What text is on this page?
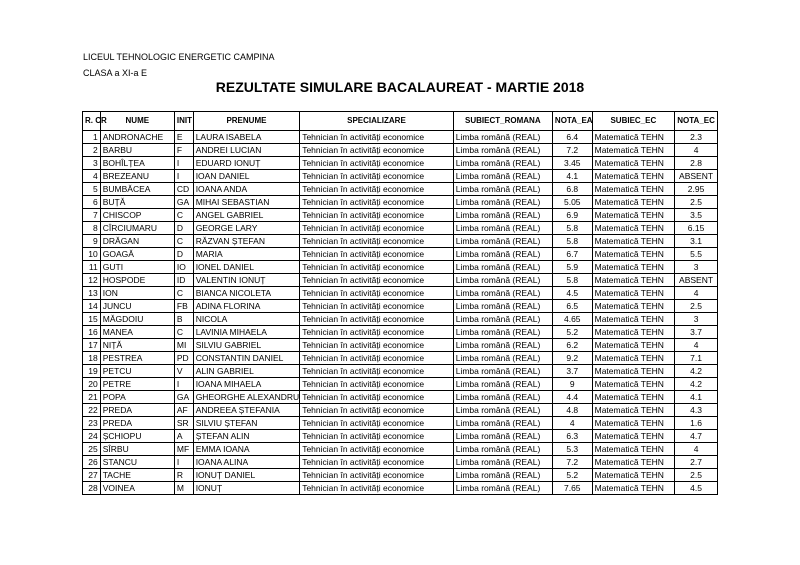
LICEUL TEHNOLOGIC ENERGETIC CAMPINA
CLASA a XI-a E
REZULTATE SIMULARE BACALAUREAT - MARTIE 2018
R. CR	NUME	INIT	PRENUME	SPECIALIZARE	SUBIECT_ROMANA	NOTA_EA	SUBIEC_EC	NOTA_EC
1	ANDRONACHE	E	LAURA ISABELA	Tehnician în activități economice	Limba română (REAL)	6.4	Matematică TEHN	2.3
2	BARBU	F	ANDREI LUCIAN	Tehnician în activități economice	Limba română (REAL)	7.2	Matematică TEHN	4
3	BOHÎLȚEA	I	EDUARD IONUȚ	Tehnician în activități economice	Limba română (REAL)	3.45	Matematică TEHN	2.8
4	BREZEANU	I	IOAN DANIEL	Tehnician în activități economice	Limba română (REAL)	4.1	Matematică TEHN	ABSENT
5	BUMBĂCEA	CD	IOANA ANDA	Tehnician în activități economice	Limba română (REAL)	6.8	Matematică TEHN	2.95
6	BUȚĂ	GA	MIHAI SEBASTIAN	Tehnician în activități economice	Limba română (REAL)	5.05	Matematică TEHN	2.5
7	CHISCOP	C	ANGEL GABRIEL	Tehnician în activități economice	Limba română (REAL)	6.9	Matematică TEHN	3.5
8	CÎRCIUMARU	D	GEORGE LARY	Tehnician în activități economice	Limba română (REAL)	5.8	Matematică TEHN	6.15
9	DRĂGAN	C	RĂZVAN ȘTEFAN	Tehnician în activități economice	Limba română (REAL)	5.8	Matematică TEHN	3.1
10	GOAGĂ	D	MARIA	Tehnician în activități economice	Limba română (REAL)	6.7	Matematică TEHN	5.5
11	GUTI	IO	IONEL DANIEL	Tehnician în activități economice	Limba română (REAL)	5.9	Matematică TEHN	3
12	HOSPODE	ID	VALENTIN IONUȚ	Tehnician în activități economice	Limba română (REAL)	5.8	Matematică TEHN	ABSENT
13	ION	C	BIANCA NICOLETA	Tehnician în activități economice	Limba română (REAL)	4.5	Matematică TEHN	4
14	JUNCU	FB	ADINA FLORINA	Tehnician în activități economice	Limba română (REAL)	6.5	Matematică TEHN	2.5
15	MĂGDOIU	B	NICOLA	Tehnician în activități economice	Limba română (REAL)	4.65	Matematică TEHN	3
16	MANEA	C	LAVINIA MIHAELA	Tehnician în activități economice	Limba română (REAL)	5.2	Matematică TEHN	3.7
17	NIȚĂ	MI	SILVIU GABRIEL	Tehnician în activități economice	Limba română (REAL)	6.2	Matematică TEHN	4
18	PESTREA	PD	CONSTANTIN DANIEL	Tehnician în activități economice	Limba română (REAL)	9.2	Matematică TEHN	7.1
19	PETCU	V	ALIN GABRIEL	Tehnician în activități economice	Limba română (REAL)	3.7	Matematică TEHN	4.2
20	PETRE	I	IOANA MIHAELA	Tehnician în activități economice	Limba română (REAL)	9	Matematică TEHN	4.2
21	POPA	GA	GHEORGHE ALEXANDRU	Tehnician în activități economice	Limba română (REAL)	4.4	Matematică TEHN	4.1
22	PREDA	AF	ANDREEA ȘTEFANIA	Tehnician în activități economice	Limba română (REAL)	4.8	Matematică TEHN	4.3
23	PREDA	SR	SILVIU ȘTEFAN	Tehnician în activități economice	Limba română (REAL)	4	Matematică TEHN	1.6
24	ȘCHIOPU	A	ȘTEFAN ALIN	Tehnician în activități economice	Limba română (REAL)	6.3	Matematică TEHN	4.7
25	SÎRBU	MF	EMMA IOANA	Tehnician în activități economice	Limba română (REAL)	5.3	Matematică TEHN	4
26	STANCU	I	IOANA ALINA	Tehnician în activități economice	Limba română (REAL)	7.2	Matematică TEHN	2.7
27	TACHE	R	IONUȚ DANIEL	Tehnician în activități economice	Limba română (REAL)	5.2	Matematică TEHN	2.5
28	VOINEA	M	IONUȚ	Tehnician în activități economice	Limba română (REAL)	7.65	Matematică TEHN	4.5
